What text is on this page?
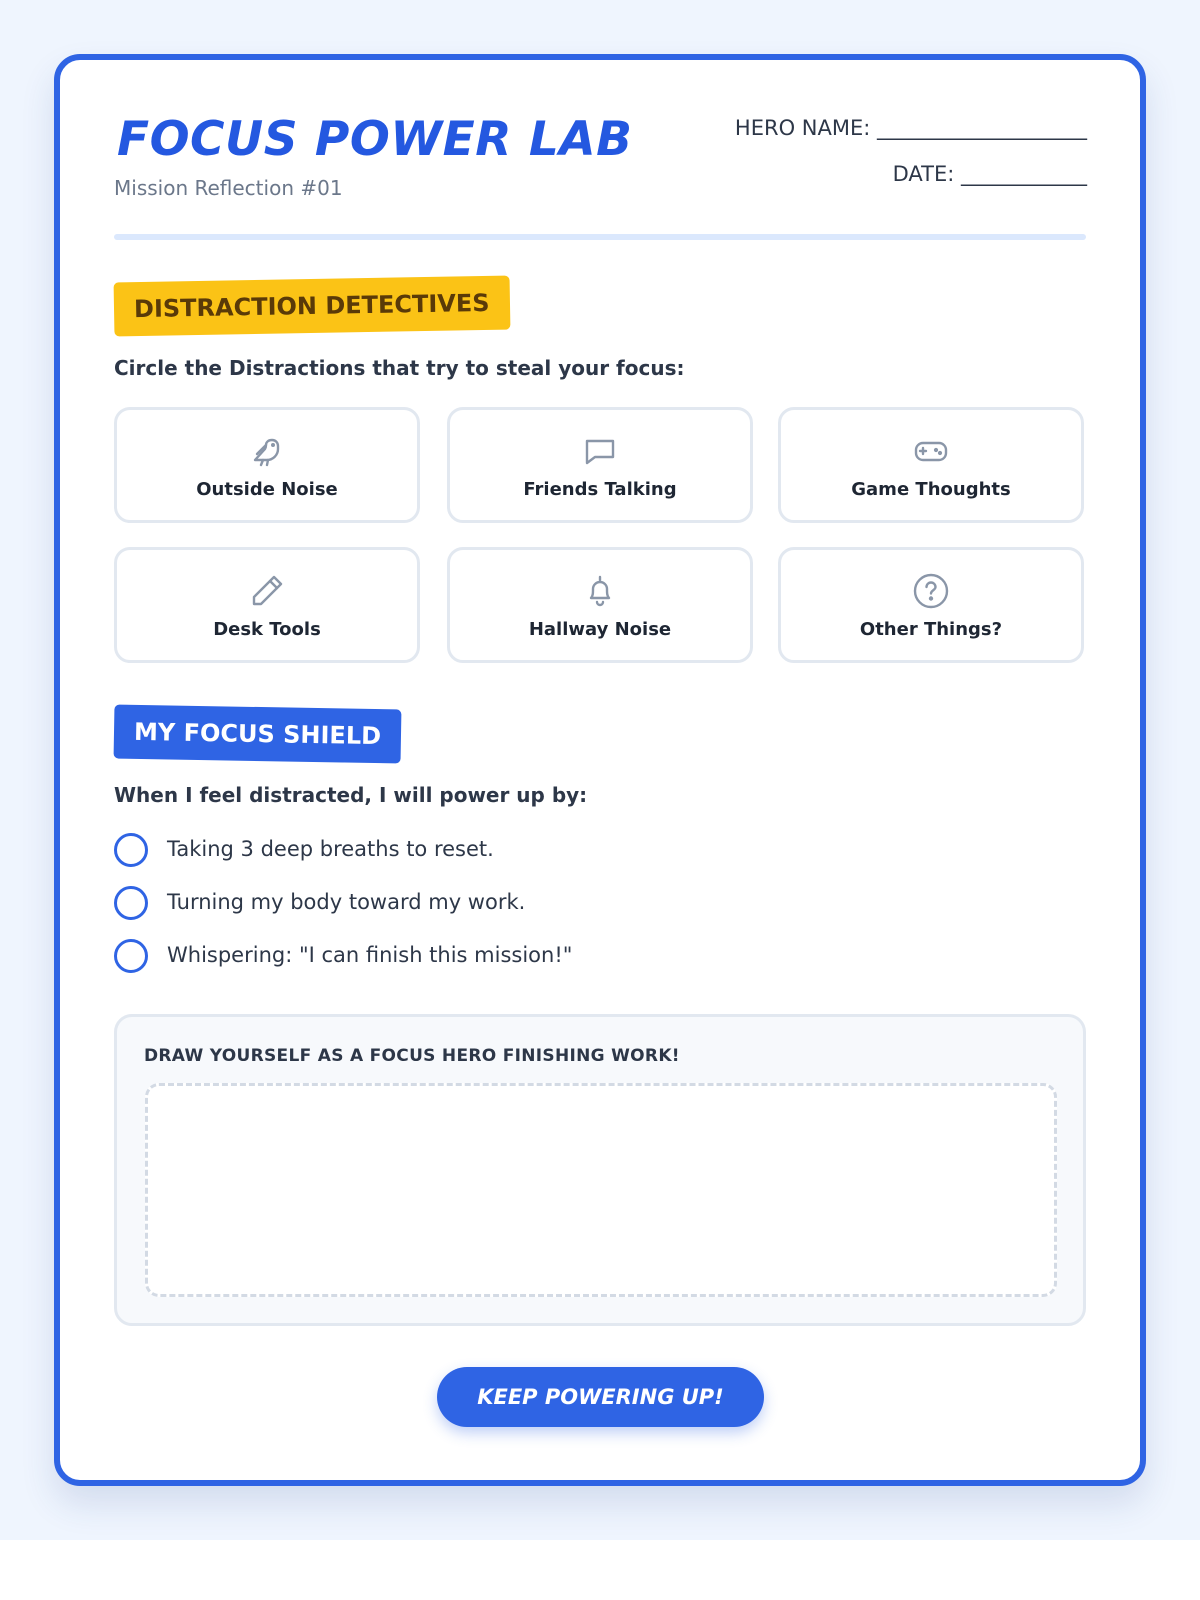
FOCUS POWER LAB
Mission Reflection #01
HERO NAME: ____________________
DATE: ____________
DISTRACTION DETECTIVES
Circle the Distractions that try to steal your focus:
Outside Noise	Friends Talking	Game Thoughts
Desk Tools	Hallway Noise	Other Things?
MY FOCUS SHIELD
When I feel distracted, I will power up by:
Taking 3 deep breaths to reset.
Turning my body toward my work.
Whispering: "I can finish this mission!"
DRAW YOURSELF AS A FOCUS HERO FINISHING WORK!
KEEP POWERING UP!
